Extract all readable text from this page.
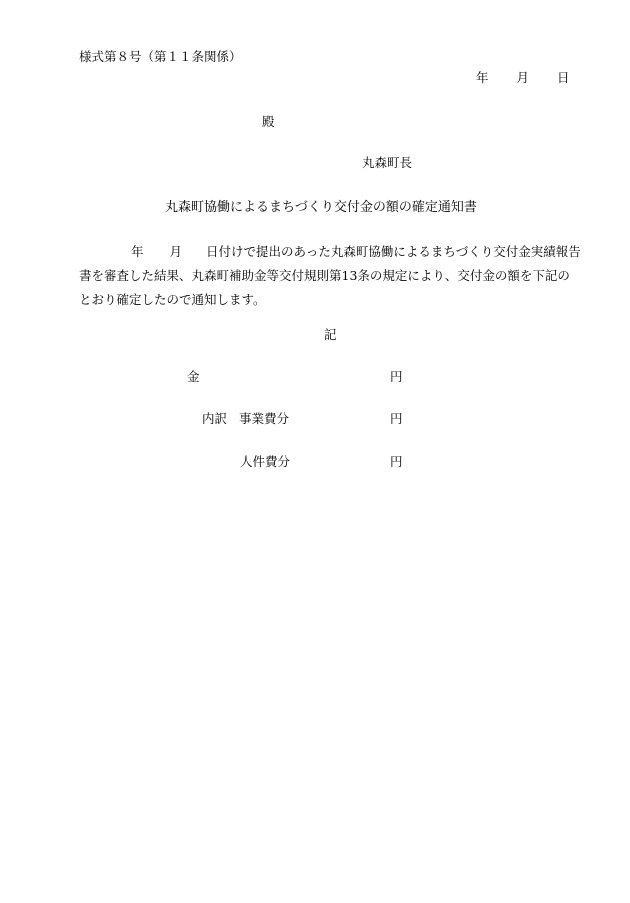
様式第８号（第１１条関係）
年 月 日
殿
丸森町長
丸森町協働によるまちづくり交付金の額の確定通知書
年 月 日付けで提出のあった丸森町協働によるまちづくり交付金実績報告書を審査した結果、丸森町補助金等交付規則第13条の規定により、交付金の額を下記のとおり確定したので通知します。
記
金	円
内訳 事業費分	円
人件費分	円
